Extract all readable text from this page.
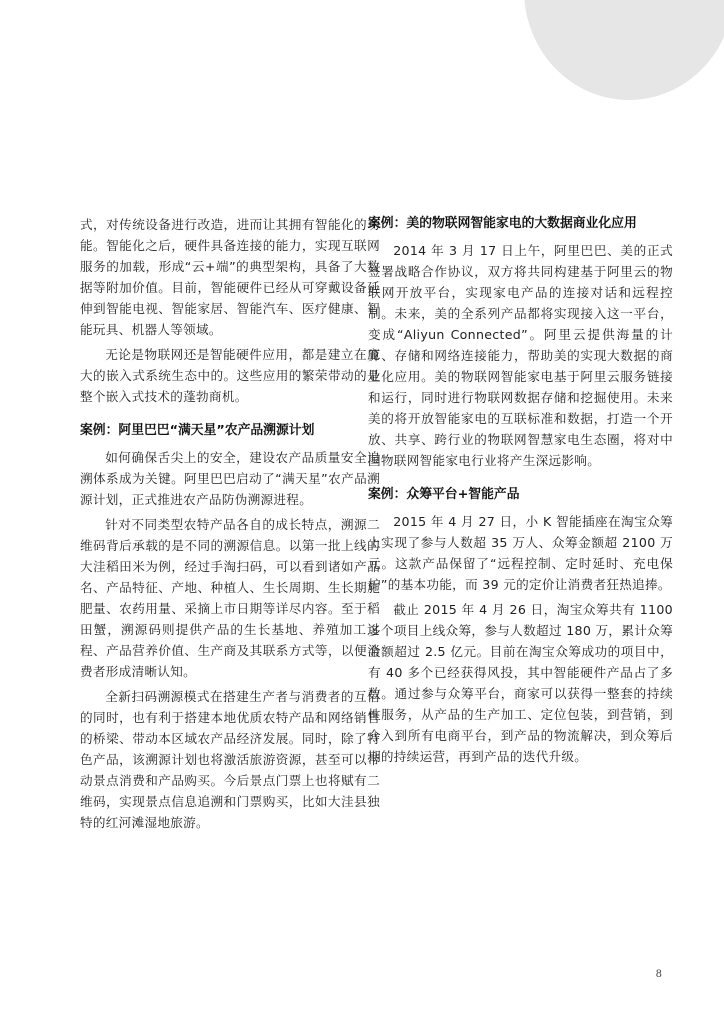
式，对传统设备进行改造，进而让其拥有智能化的功能。智能化之后，硬件具备连接的能力，实现互联网服务的加载，形成“云+端”的典型架构，具备了大数据等附加价值。目前，智能硬件已经从可穿戴设备延伸到智能电视、智能家居、智能汽车、医疗健康、智能玩具、机器人等领域。

无论是物联网还是智能硬件应用，都是建立在庞大的嵌入式系统生态中的。这些应用的繁荣带动的是整个嵌入式技术的蓬勃商机。

案例：阿里巴巴“满天星”农产品溯源计划

如何确保舌尖上的安全，建设农产品质量安全追溯体系成为关键。阿里巴巴启动了“满天星”农产品溯源计划，正式推进农产品防伪溯源进程。

针对不同类型农特产品各自的成长特点，溯源二维码背后承载的是不同的溯源信息。以第一批上线的大洼稻田米为例，经过手淘扫码，可以看到诸如产品名、产品特征、产地、种植人、生长周期、生长期施肥量、农药用量、采摘上市日期等详尽内容。至于稻田蟹，溯源码则提供产品的生长基地、养殖加工过程、产品营养价值、生产商及其联系方式等，以便消费者形成清晰认知。

全新扫码溯源模式在搭建生产者与消费者的互信的同时，也有利于搭建本地优质农特产品和网络销售的桥梁、带动本区域农产品经济发展。同时，除了特色产品，该溯源计划也将激活旅游资源，甚至可以带动景点消费和产品购买。今后景点门票上也将赋有二维码，实现景点信息追溯和门票购买，比如大洼县独特的红河滩湿地旅游。

案例：美的物联网智能家电的大数据商业化应用

2014 年 3 月 17 日上午，阿里巴巴、美的正式签署战略合作协议，双方将共同构建基于阿里云的物联网开放平台，实现家电产品的连接对话和远程控制。未来，美的全系列产品都将实现接入这一平台，变成“Aliyun Connected”。阿里云提供海量的计算、存储和网络连接能力，帮助美的实现大数据的商业化应用。美的物联网智能家电基于阿里云服务链接和运行，同时进行物联网数据存储和挖掘使用。未来美的将开放智能家电的互联标准和数据，打造一个开放、共享、跨行业的物联网智慧家电生态圈，将对中国物联网智能家电行业将产生深远影响。

案例：众筹平台+智能产品

2015 年 4 月 27 日，小 K 智能插座在淘宝众筹上实现了参与人数超 35 万人、众筹金额超 2100 万元。这款产品保留了“远程控制、定时延时、充电保护”的基本功能，而 39 元的定价让消费者狂热追捧。

截止 2015 年 4 月 26 日，淘宝众筹共有 1100 多个项目上线众筹，参与人数超过 180 万，累计众筹金额超过 2.5 亿元。目前在淘宝众筹成功的项目中，有 40 多个已经获得风投，其中智能硬件产品占了多数。通过参与众筹平台，商家可以获得一整套的持续性服务，从产品的生产加工、定位包装，到营销，到介入到所有电商平台，到产品的物流解决，到众筹后期的持续运营，再到产品的迭代升级。

8
